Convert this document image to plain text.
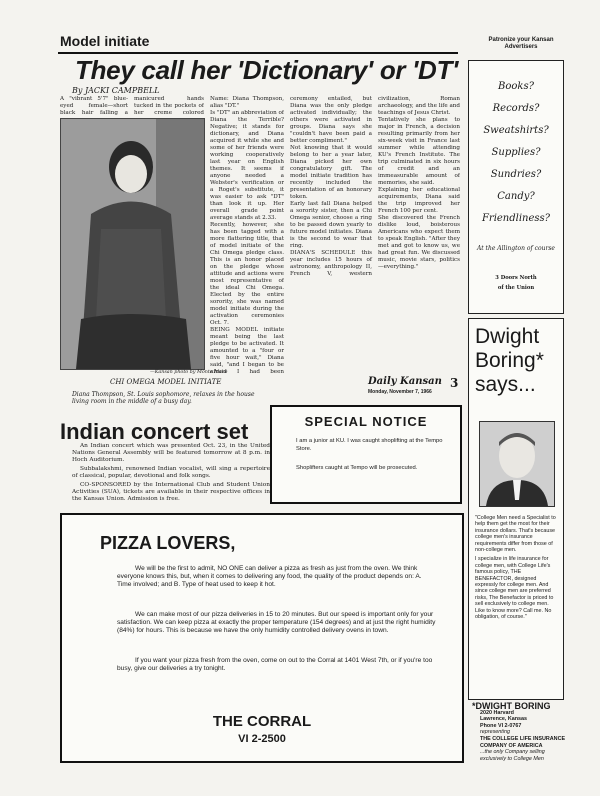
Model initiate
They call her 'Dictionary' or 'DT'
By JACKI CAMPBELL

A "vibrant 5'7" blue-eyed female—short black hair falling a

manicured hands tucked in the pockets of her creme colored

—Kansan photo by Monte Mace

Name: Diana Thompson, alias "DT."

Is "DT" an abbreviation of Diana the Terrible? Negative; it stands for dictionary, and Diana acquired it while she and some of her friends were working cooperatively last year on English themes. It seems if anyone needed a Webster's verification or a Roget's substitute, it was easier to ask "DT" than look it up. Her overall grade point average stands at 2.33.

Recently, however, she has been tagged with a more flattering title, that of model initiate of the Chi Omega pledge class. This is an honor placed on the pledge whose attitude and actions were most representative of the ideal Chi Omega. Elected by the entire sorority, she was named model initiate during the activation ceremonies Oct. 7.

BEING MODEL initiate meant being the last pledge to be activated. It amounted to a "four or five hour wait," Diana said, "and I began to be afraid I had been

ceremony entailed, but Diana was the only pledge activated individually; the others were activated in groups. Diana says she "couldn't have been paid a better compliment."

Not knowing that it would belong to her a year later, Diana picked her own congratulatory gift. The model initiate tradition has recently included the presentation of an honorary token.

Early last fall Diana helped a sorority sister, then a Chi Omega senior, choose a ring to be passed down yearly to future model initiates. Diana is the second to wear that ring.

DIANA'S SCHEDULE this year includes 15 hours of astronomy, anthropology II, French V, western civilization, Roman archaeology, and the life and teachings of Jesus Christ.

Tentatively she plans to major in French, a decision resulting primarily from her six-week visit in France last summer while attending KU's French Institute. The trip culminated in six hours of credit and an immeasurable amount of memories, she said.

Explaining her educational acquirements, Diana said the trip improved her French 100 per cent.

She discovered the French dislike loud, boisterous Americans who expect them to speak English. "After they met and got to know us, we had great fun. We discussed music, movie stars, politics—everything."

CHI OMEGA MODEL INITIATE
Diana Thompson, St. Louis sophomore, relaxes in the house living room in the middle of a busy day.
Daily Kansan
Monday, November 7, 1966
3
Indian concert set

An Indian concert which was presented Oct. 23, in the United Nations General Assembly will be featured tomorrow at 8 p.m. in Hoch Auditorium.

Subbalakshmi, renowned Indian vocalist, will sing a repertoire of classical, popular, devotional and folk songs.

CO-SPONSORED by the International Club and Student Union Activities (SUA), tickets are available in their respective offices in the Kansas Union. Admission is free.

SPECIAL NOTICE
I am a junior at KU. I was caught shoplifting at the Tempo Store.
Shoplifters caught at Tempo will be prosecuted.
PIZZA LOVERS,
We will be the first to admit, NO ONE can deliver a pizza as fresh as just from the oven. We think everyone knows this, but, when it comes to delivering any food, the quality of the product depends on: A. Time involved; and B. Type of heat used to keep it hot.
We can make most of our pizza deliveries in 15 to 20 minutes. But our speed is important only for your satisfaction. We can keep pizza at exactly the proper temperature (154 degrees) and at just the right humidity (84%) for hours. This is because we have the only humidity controlled delivery ovens in town.
If you want your pizza fresh from the oven, come on out to the Corral at 1401 West 7th, or if you're too busy, give our deliveries a try tonight.
THE CORRAL
VI 2-2500
Patronize your Kansan Advertisers
Books?
Records?
Sweatshirts?
Supplies?
Sundries?
Candy?
Friendliness?
At the Allington of course
3 Doors North
of the Union
Dwight Boring* says...

"College Men need a Specialist to help them get the most for their insurance dollars. That's because college men's insurance requirements differ from those of non-college men.

I specialize in life insurance for college men, with College Life's famous policy, THE BENEFACTOR, designed expressly for college men. And since college men are preferred risks, The Benefactor is priced to sell exclusively to college men. Like to know more? Call me. No obligation, of course."

*DWIGHT BORING
2020 Harvard
Lawrence, Kansas
Phone VI 2-0767
representing
THE COLLEGE LIFE INSURANCE COMPANY OF AMERICA
...the only Company selling exclusively to College Men
